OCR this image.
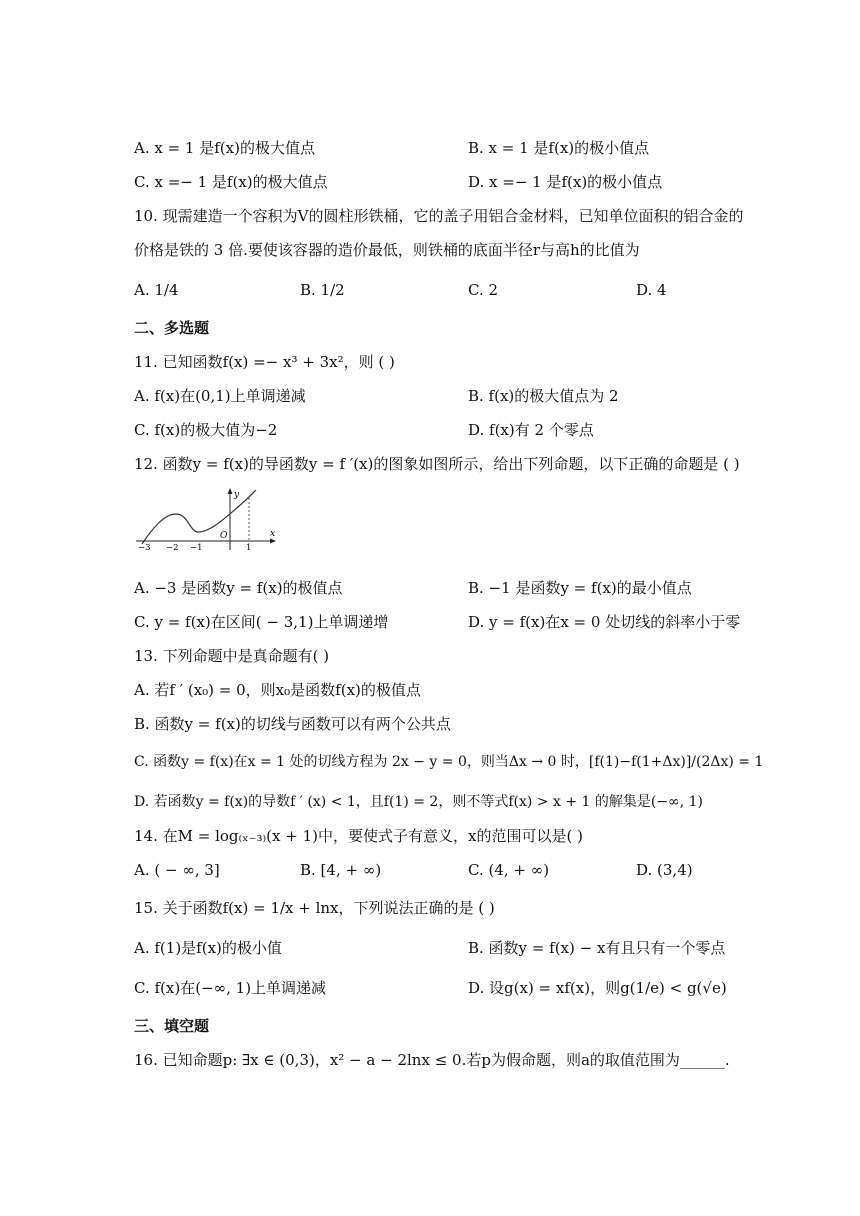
A. x = 1 是f(x)的极大值点	B. x = 1 是f(x)的极小值点
C. x =− 1 是f(x)的极大值点	D. x =− 1 是f(x)的极小值点
10. 现需建造一个容积为V的圆柱形铁桶，它的盖子用铝合金材料，已知单位面积的铝合金的
价格是铁的 3 倍.要使该容器的造价最低，则铁桶的底面半径r与高h的比值为
A. 1/4	B. 1/2	C. 2	D. 4
二、多选题
11. 已知函数f(x) =− x³ + 3x²，则 ( )
A. f(x)在(0,1)上单调递减	B. f(x)的极大值点为 2
C. f(x)的极大值为−2	D. f(x)有 2 个零点
12. 函数y = f(x)的导函数y = f ′(x)的图象如图所示，给出下列命题，以下正确的命题是 ( )
y
x
O
−3 −2 −1	1
A. −3 是函数y = f(x)的极值点	B. −1 是函数y = f(x)的最小值点
C. y = f(x)在区间( − 3,1)上单调递增	D. y = f(x)在x = 0 处切线的斜率小于零
13. 下列命题中是真命题有( )
A. 若f ′ (x₀) = 0，则x₀是函数f(x)的极值点
B. 函数y = f(x)的切线与函数可以有两个公共点
C. 函数y = f(x)在x = 1 处的切线方程为 2x − y = 0，则当Δx → 0 时，[f(1)−f(1+Δx)]/(2Δx) = 1
D. 若函数y = f(x)的导数f ′ (x) < 1，且f(1) = 2，则不等式f(x) > x + 1 的解集是(−∞, 1)
14. 在M = log₍ₓ₋₃₎(x + 1)中，要使式子有意义，x的范围可以是( )
A. ( − ∞, 3]	B. [4, + ∞)	C. (4, + ∞)	D. (3,4)
15. 关于函数f(x) = 1/x + lnx，下列说法正确的是 ( )
A. f(1)是f(x)的极小值	B. 函数y = f(x) − x有且只有一个零点
C. f(x)在(−∞, 1)上单调递减	D. 设g(x) = xf(x)，则g(1/e) < g(√e)
三、填空题
16. 已知命题p: ∃x ∈ (0,3)，x² − a − 2lnx ≤ 0.若p为假命题，则a的取值范围为______.
